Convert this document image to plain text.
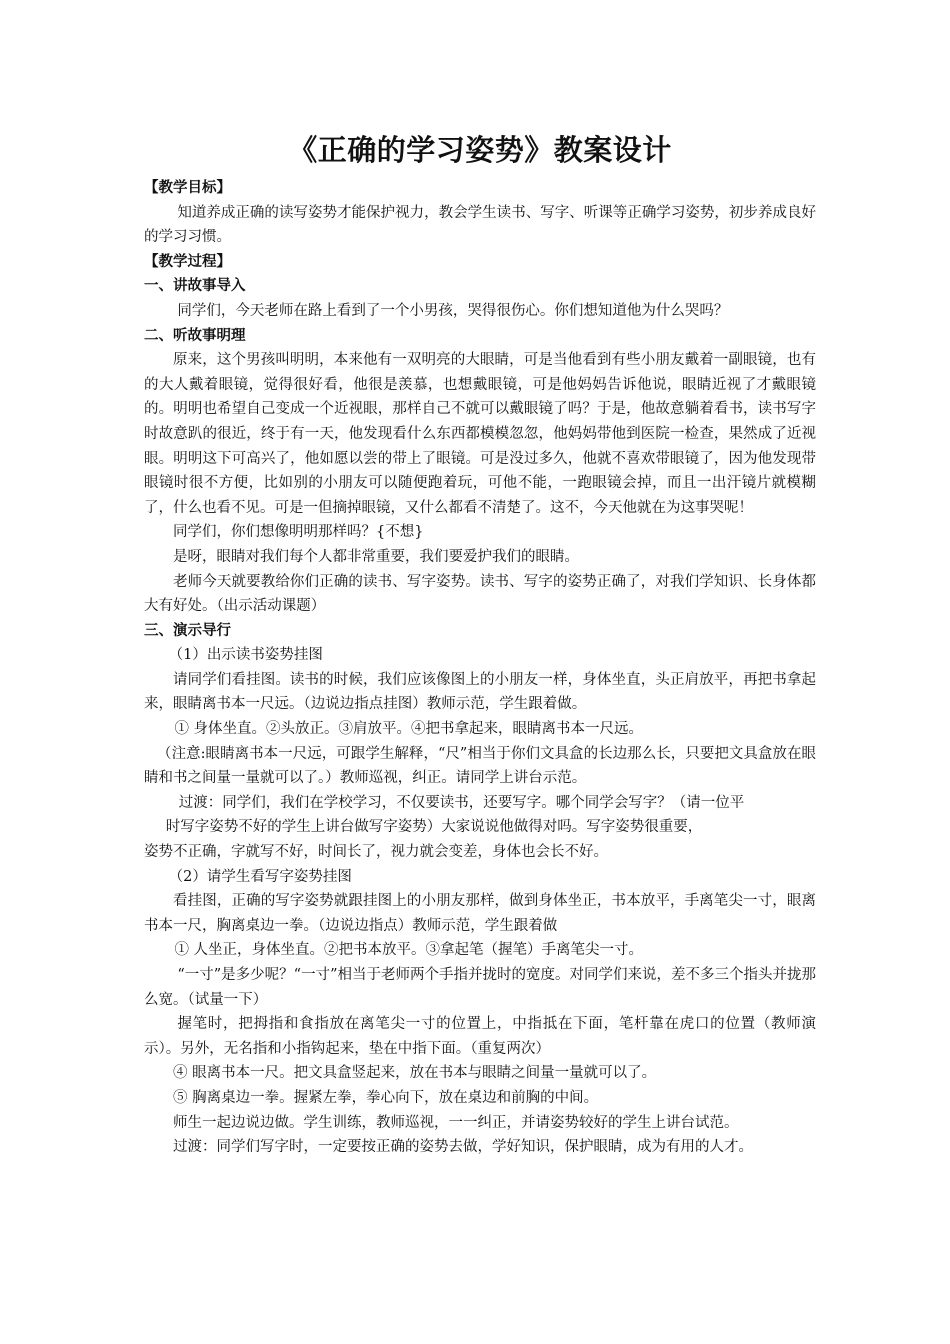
《正确的学习姿势》教案设计

【教学目标】

知道养成正确的读写姿势才能保护视力，教会学生读书、写字、听课等正确学习姿势，初步养成良好的学习习惯。

【教学过程】

一、讲故事导入

同学们，今天老师在路上看到了一个小男孩，哭得很伤心。你们想知道他为什么哭吗？

二、听故事明理

原来，这个男孩叫明明，本来他有一双明亮的大眼睛，可是当他看到有些小朋友戴着一副眼镜，也有的大人戴着眼镜，觉得很好看，他很是羡慕，也想戴眼镜，可是他妈妈告诉他说，眼睛近视了才戴眼镜的。明明也希望自己变成一个近视眼，那样自己不就可以戴眼镜了吗？于是，他故意躺着看书，读书写字时故意趴的很近，终于有一天，他发现看什么东西都模模忽忽，他妈妈带他到医院一检查，果然成了近视眼。明明这下可高兴了，他如愿以尝的带上了眼镜。可是没过多久，他就不喜欢带眼镜了，因为他发现带眼镜时很不方便，比如别的小朋友可以随便跑着玩，可他不能，一跑眼镜会掉，而且一出汗镜片就模糊了，什么也看不见。可是一但摘掉眼镜，又什么都看不清楚了。这不，今天他就在为这事哭呢！

同学们，你们想像明明那样吗？{不想}

是呀，眼睛对我们每个人都非常重要，我们要爱护我们的眼睛。

老师今天就要教给你们正确的读书、写字姿势。读书、写字的姿势正确了，对我们学知识、长身体都大有好处。（出示活动课题）

三、演示导行

（1）出示读书姿势挂图

请同学们看挂图。读书的时候，我们应该像图上的小朋友一样，身体坐直，头正肩放平，再把书拿起来，眼睛离书本一尺远。（边说边指点挂图）教师示范，学生跟着做。

① 身体坐直。②头放正。③肩放平。④把书拿起来，眼睛离书本一尺远。

（注意:眼睛离书本一尺远，可跟学生解释，“尺”相当于你们文具盒的长边那么长，只要把文具盒放在眼睛和书之间量一量就可以了。）教师巡视，纠正。请同学上讲台示范。

过渡：同学们，我们在学校学习，不仅要读书，还要写字。哪个同学会写字？（请一位平

时写字姿势不好的学生上讲台做写字姿势）大家说说他做得对吗。写字姿势很重要，

姿势不正确，字就写不好，时间长了，视力就会变差，身体也会长不好。

（2）请学生看写字姿势挂图

看挂图，正确的写字姿势就跟挂图上的小朋友那样，做到身体坐正，书本放平，手离笔尖一寸，眼离书本一尺，胸离桌边一拳。（边说边指点）教师示范，学生跟着做

① 人坐正，身体坐直。②把书本放平。③拿起笔（握笔）手离笔尖一寸。

“一寸”是多少呢？“一寸”相当于老师两个手指并拢时的宽度。对同学们来说，差不多三个指头并拢那么宽。（试量一下）

握笔时，把拇指和食指放在离笔尖一寸的位置上，中指抵在下面，笔杆靠在虎口的位置（教师演示）。另外，无名指和小指钩起来，垫在中指下面。（重复两次）

④ 眼离书本一尺。把文具盒竖起来，放在书本与眼睛之间量一量就可以了。

⑤ 胸离桌边一拳。握紧左拳，拳心向下，放在桌边和前胸的中间。

师生一起边说边做。学生训练，教师巡视，一一纠正，并请姿势较好的学生上讲台试范。

过渡：同学们写字时，一定要按正确的姿势去做，学好知识，保护眼睛，成为有用的人才。
